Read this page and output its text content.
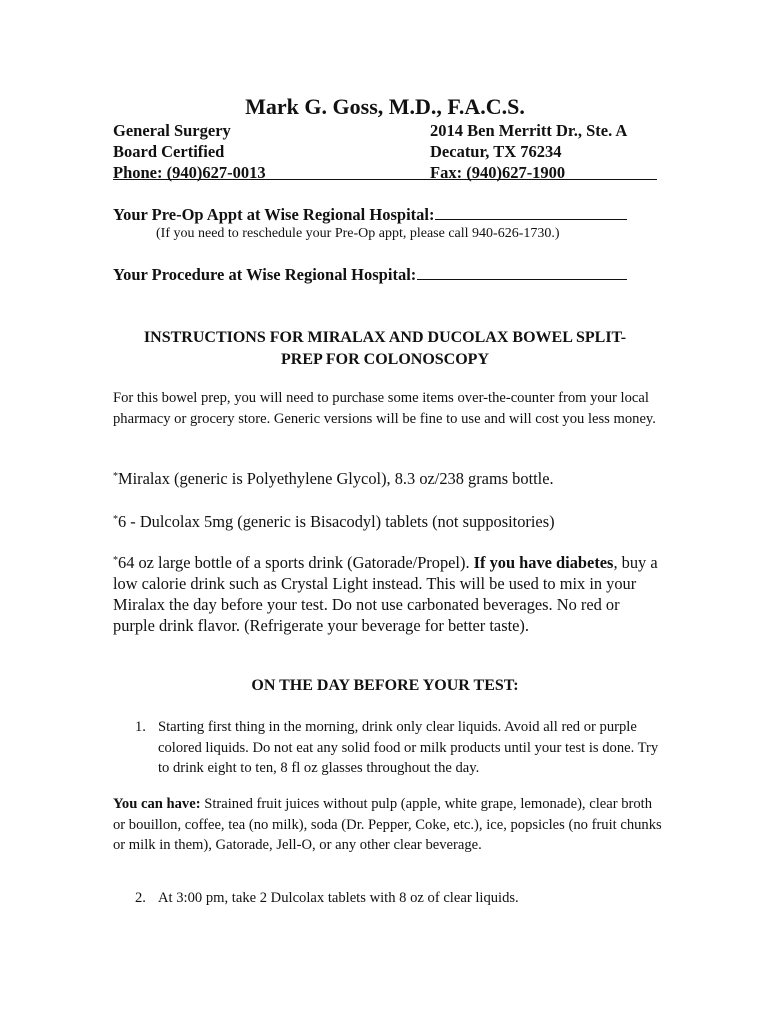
Mark G. Goss, M.D., F.A.C.S.
General Surgery
Board Certified
Phone: (940)627-0013
2014 Ben Merritt Dr., Ste. A
Decatur, TX 76234
Fax: (940)627-1900
Your Pre-Op Appt at Wise Regional Hospital:
(If you need to reschedule your Pre-Op appt, please call 940-626-1730.)
Your Procedure at Wise Regional Hospital:
INSTRUCTIONS FOR MIRALAX AND DUCOLAX BOWEL SPLIT-
PREP FOR COLONOSCOPY

For this bowel prep, you will need to purchase some items over-the-counter from your local pharmacy or grocery store. Generic versions will be fine to use and will cost you less money.

*Miralax (generic is Polyethylene Glycol), 8.3 oz/238 grams bottle.

*6 - Dulcolax 5mg (generic is Bisacodyl) tablets (not suppositories)

*64 oz large bottle of a sports drink (Gatorade/Propel). If you have diabetes, buy a low calorie drink such as Crystal Light instead. This will be used to mix in your Miralax the day before your test. Do not use carbonated beverages. No red or purple drink flavor. (Refrigerate your beverage for better taste).

ON THE DAY BEFORE YOUR TEST:
1. Starting first thing in the morning, drink only clear liquids. Avoid all red or purple colored liquids. Do not eat any solid food or milk products until your test is done. Try to drink eight to ten, 8 fl oz glasses throughout the day.

You can have: Strained fruit juices without pulp (apple, white grape, lemonade), clear broth or bouillon, coffee, tea (no milk), soda (Dr. Pepper, Coke, etc.), ice, popsicles (no fruit chunks or milk in them), Gatorade, Jell-O, or any other clear beverage.

2. At 3:00 pm, take 2 Dulcolax tablets with 8 oz of clear liquids.
